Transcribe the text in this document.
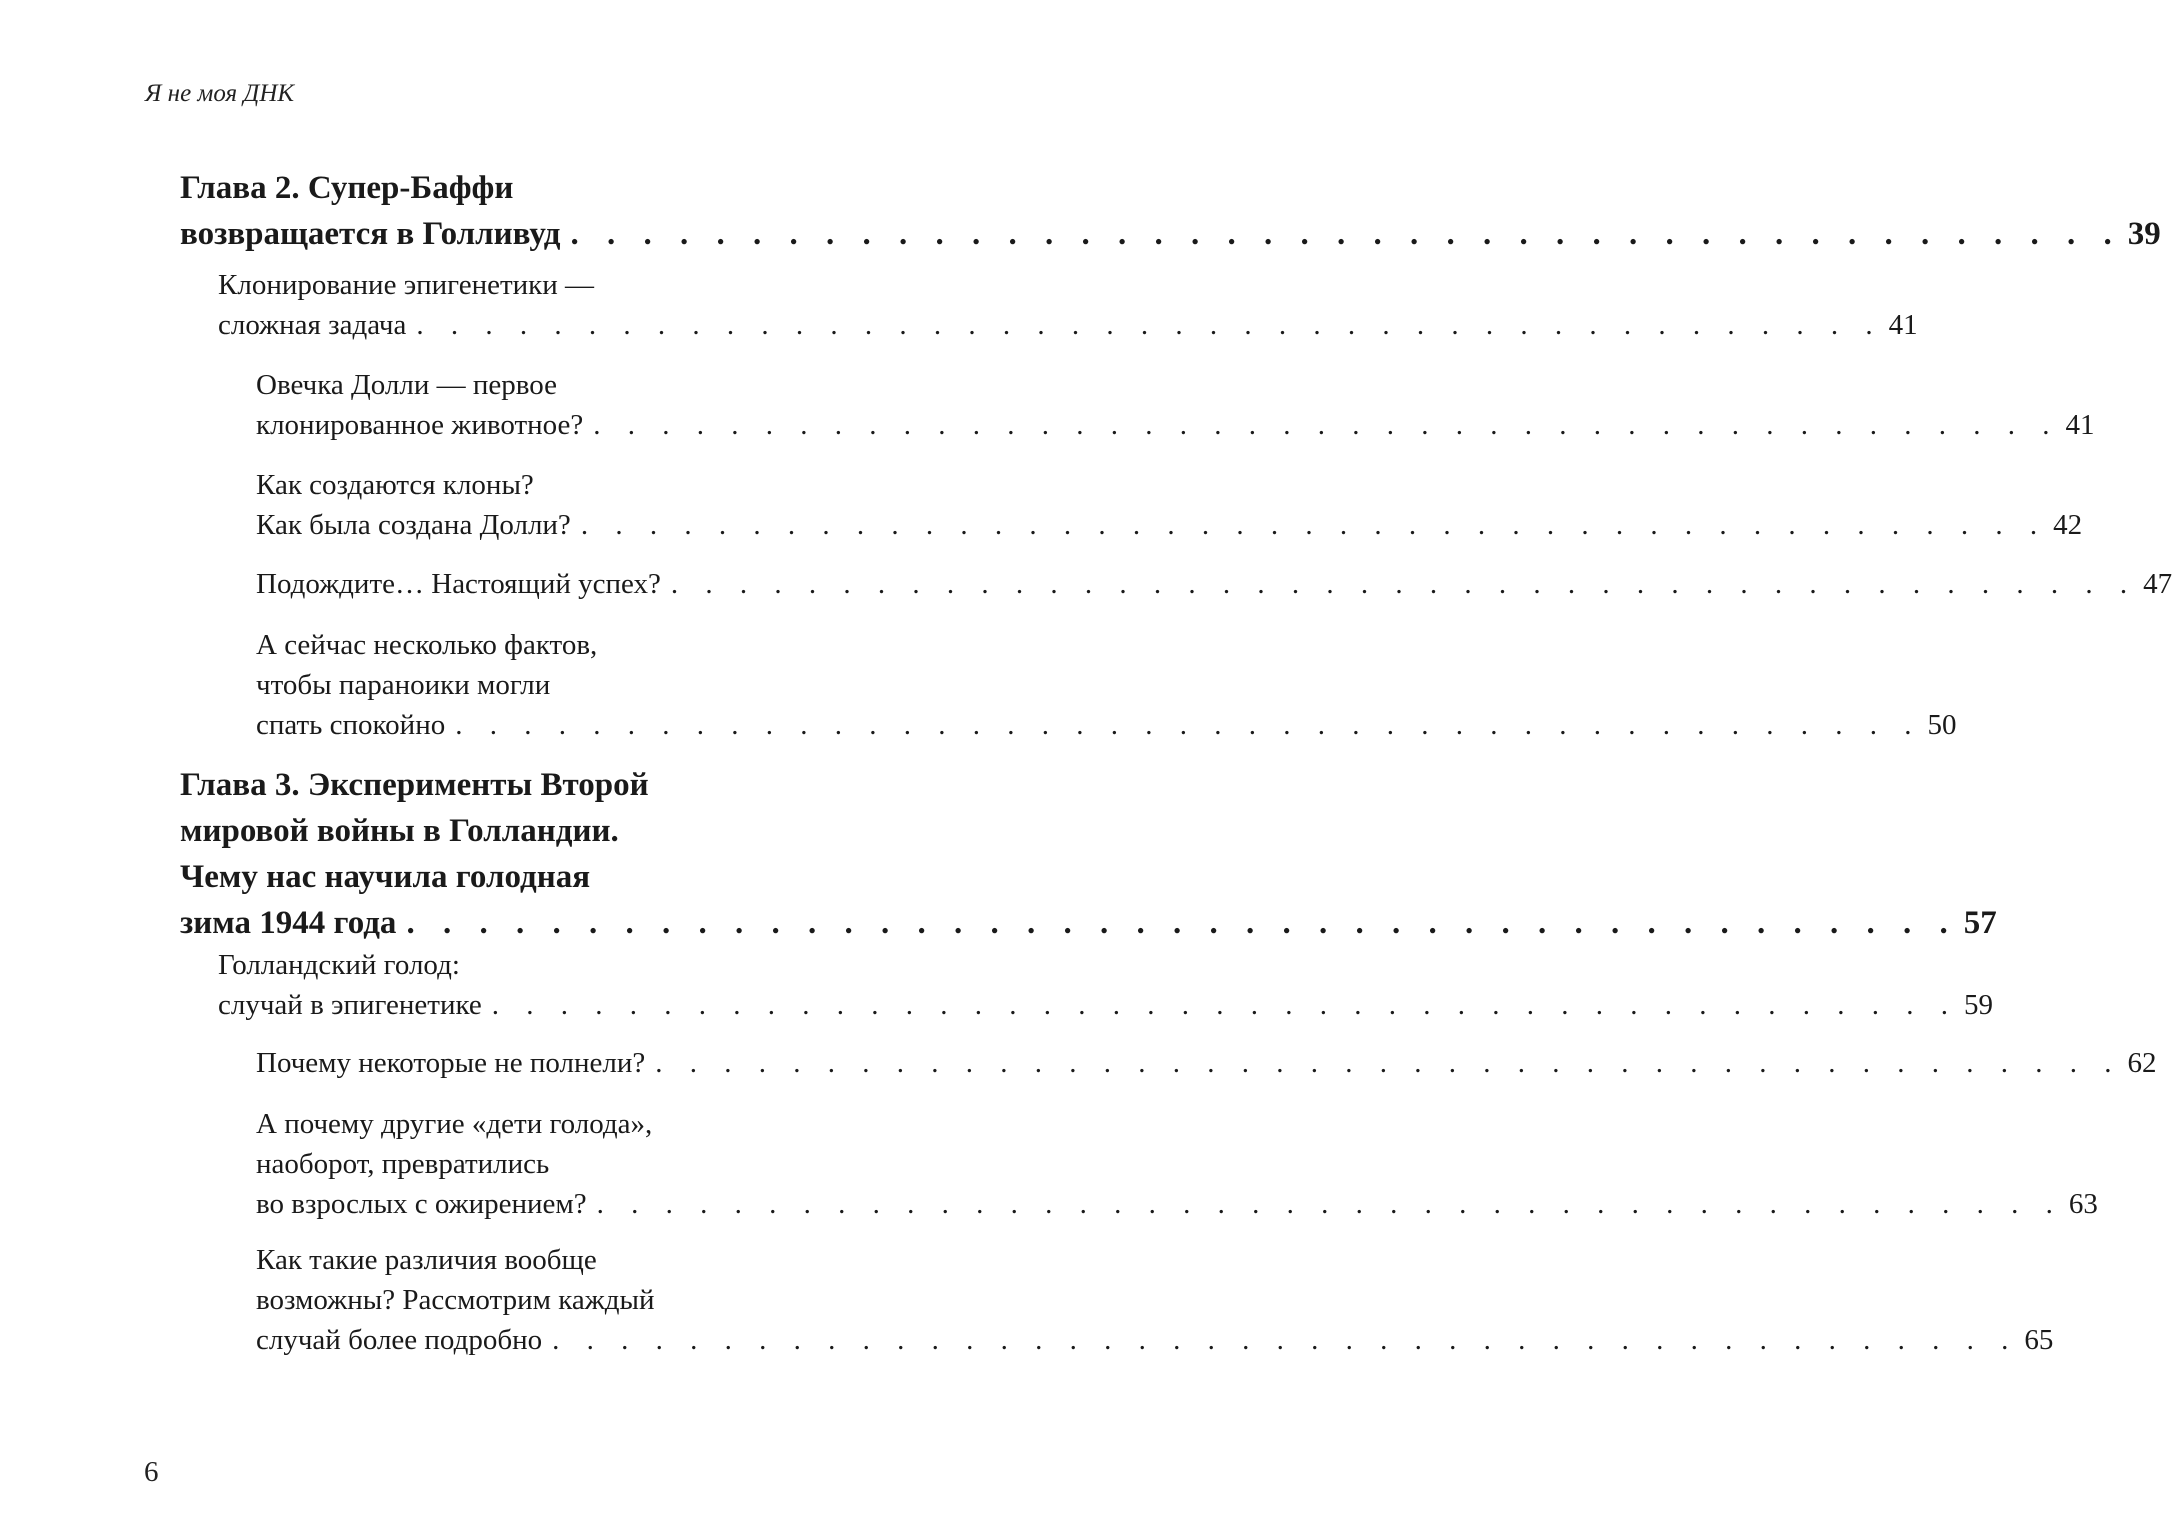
Я не моя ДНК
Глава 2. Супер-Баффи
возвращается в Голливуд . . . . . . . . . . . . . . . . . . . . . . . . . . . . . . . . . . . . . . . . . . . 39
Клонирование эпигенетики —
сложная задача . . . . . . . . . . . . . . . . . . . . . . . . . . . . . . . . . . . . . . . . . . . 41
Овечка Долли — первое
клонированное животное? . . . . . . . . . . . . . . . . . . . . . . . . . . . . . . . . . . . . . . . . . . . 41
Как создаются клоны?
Как была создана Долли? . . . . . . . . . . . . . . . . . . . . . . . . . . . . . . . . . . . . . . . . . . . 42
Подождите… Настоящий успех? . . . . . . . . . . . . . . . . . . . . . . . . . . . . . . . . . . . . . . . . . . . 47
А сейчас несколько фактов,
чтобы параноики могли
спать спокойно . . . . . . . . . . . . . . . . . . . . . . . . . . . . . . . . . . . . . . . . . . . 50
Глава 3. Эксперименты Второй
мировой войны в Голландии.
Чему нас научила голодная
зима 1944 года . . . . . . . . . . . . . . . . . . . . . . . . . . . . . . . . . . . . . . . . . . . 57
Голландский голод:
случай в эпигенетике . . . . . . . . . . . . . . . . . . . . . . . . . . . . . . . . . . . . . . . . . . . 59
Почему некоторые не полнели? . . . . . . . . . . . . . . . . . . . . . . . . . . . . . . . . . . . . . . . . . . . 62
А почему другие «дети голода»,
наоборот, превратились
во взрослых с ожирением? . . . . . . . . . . . . . . . . . . . . . . . . . . . . . . . . . . . . . . . . . . . 63
Как такие различия вообще
возможны? Рассмотрим каждый
случай более подробно . . . . . . . . . . . . . . . . . . . . . . . . . . . . . . . . . . . . . . . . . . . 65
6
